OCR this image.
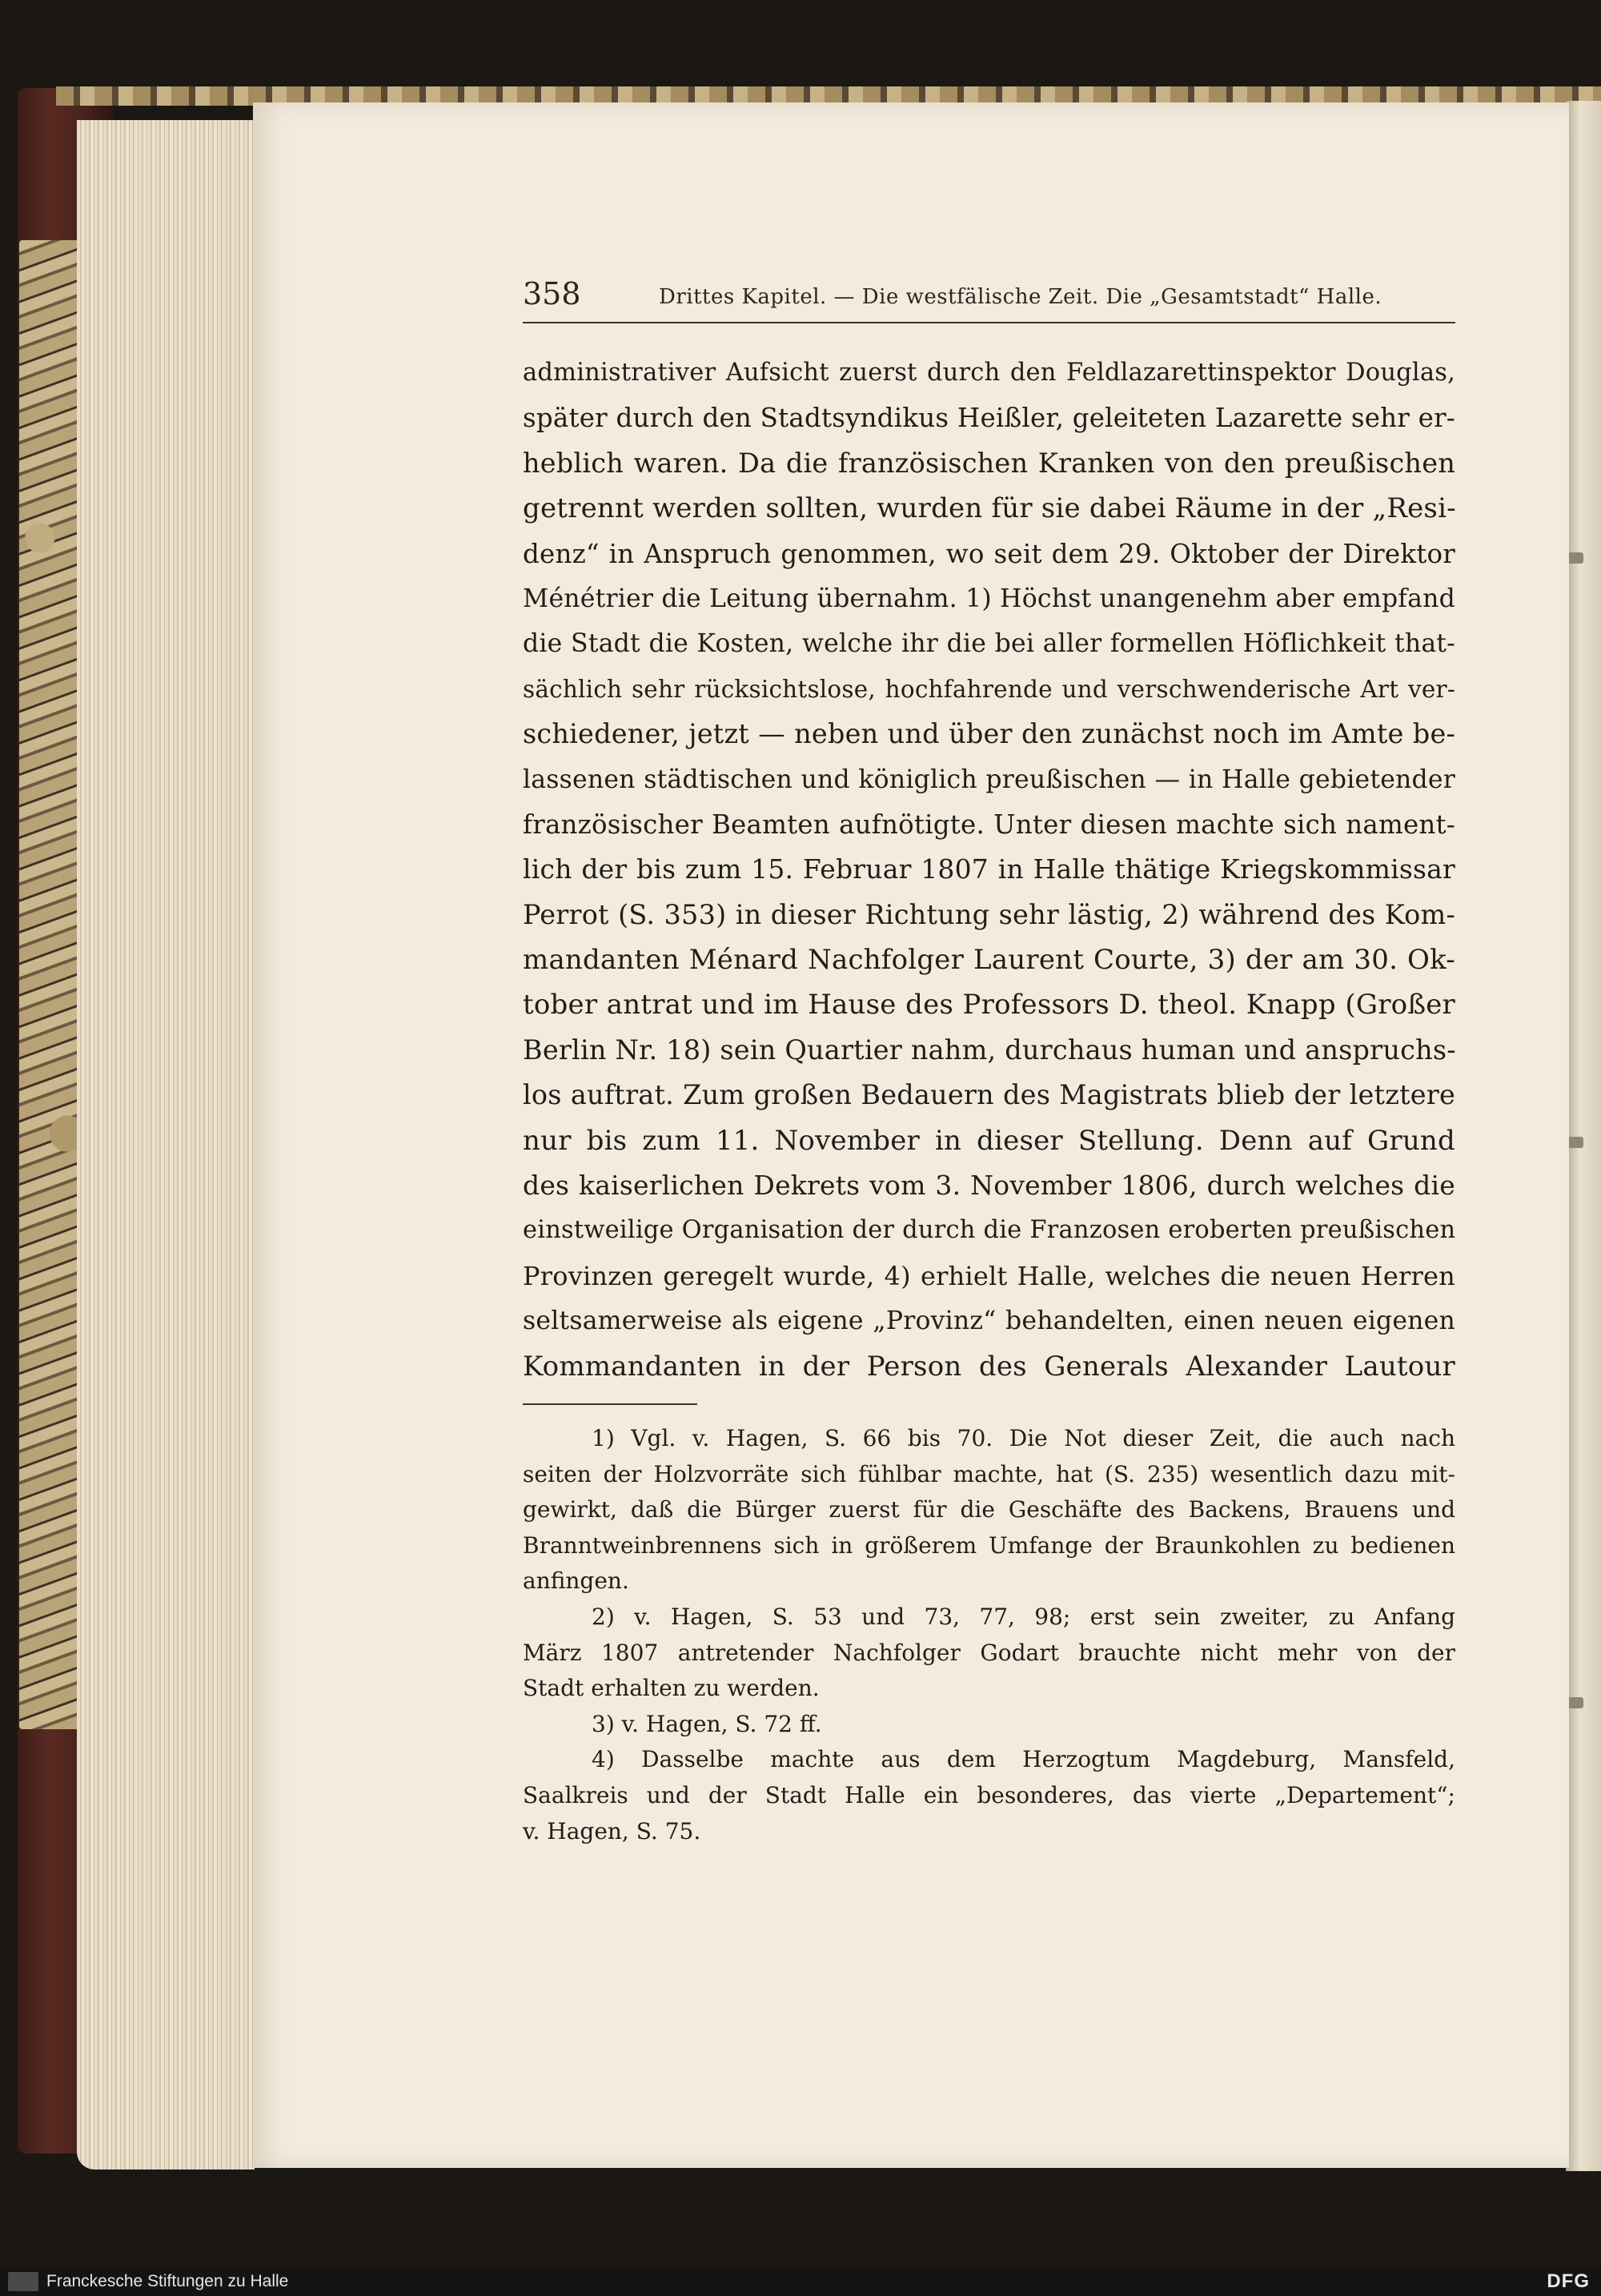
358	Drittes Kapitel. — Die westfälische Zeit. Die „Gesamtstadt“ Halle.
administrativer Aufsicht zuerst durch den Feldlazarettinspektor Douglas,
später durch den Stadtsyndikus Heißler, geleiteten Lazarette sehr er-
heblich waren. Da die französischen Kranken von den preußischen
getrennt werden sollten, wurden für sie dabei Räume in der „Resi-
denz“ in Anspruch genommen, wo seit dem 29. Oktober der Direktor
Ménétrier die Leitung übernahm. 1) Höchst unangenehm aber empfand
die Stadt die Kosten, welche ihr die bei aller formellen Höflichkeit that-
sächlich sehr rücksichtslose, hochfahrende und verschwenderische Art ver-
schiedener, jetzt — neben und über den zunächst noch im Amte be-
lassenen städtischen und königlich preußischen — in Halle gebietender
französischer Beamten aufnötigte. Unter diesen machte sich nament-
lich der bis zum 15. Februar 1807 in Halle thätige Kriegskommissar
Perrot (S. 353) in dieser Richtung sehr lästig, 2) während des Kom-
mandanten Ménard Nachfolger Laurent Courte, 3) der am 30. Ok-
tober antrat und im Hause des Professors D. theol. Knapp (Großer
Berlin Nr. 18) sein Quartier nahm, durchaus human und anspruchs-
los auftrat. Zum großen Bedauern des Magistrats blieb der letztere
nur bis zum 11. November in dieser Stellung. Denn auf Grund
des kaiserlichen Dekrets vom 3. November 1806, durch welches die
einstweilige Organisation der durch die Franzosen eroberten preußischen
Provinzen geregelt wurde, 4) erhielt Halle, welches die neuen Herren
seltsamerweise als eigene „Provinz“ behandelten, einen neuen eigenen
Kommandanten in der Person des Generals Alexander Lautour
1) Vgl. v. Hagen, S. 66 bis 70. Die Not dieser Zeit, die auch nach
seiten der Holzvorräte sich fühlbar machte, hat (S. 235) wesentlich dazu mit-
gewirkt, daß die Bürger zuerst für die Geschäfte des Backens, Brauens und
Branntweinbrennens sich in größerem Umfange der Braunkohlen zu bedienen
anfingen.
2) v. Hagen, S. 53 und 73, 77, 98; erst sein zweiter, zu Anfang
März 1807 antretender Nachfolger Godart brauchte nicht mehr von der
Stadt erhalten zu werden.
3) v. Hagen, S. 72 ff.
4) Dasselbe machte aus dem Herzogtum Magdeburg, Mansfeld,
Saalkreis und der Stadt Halle ein besonderes, das vierte „Departement“;
v. Hagen, S. 75.
Franckesche Stiftungen zu Halle	DFG
